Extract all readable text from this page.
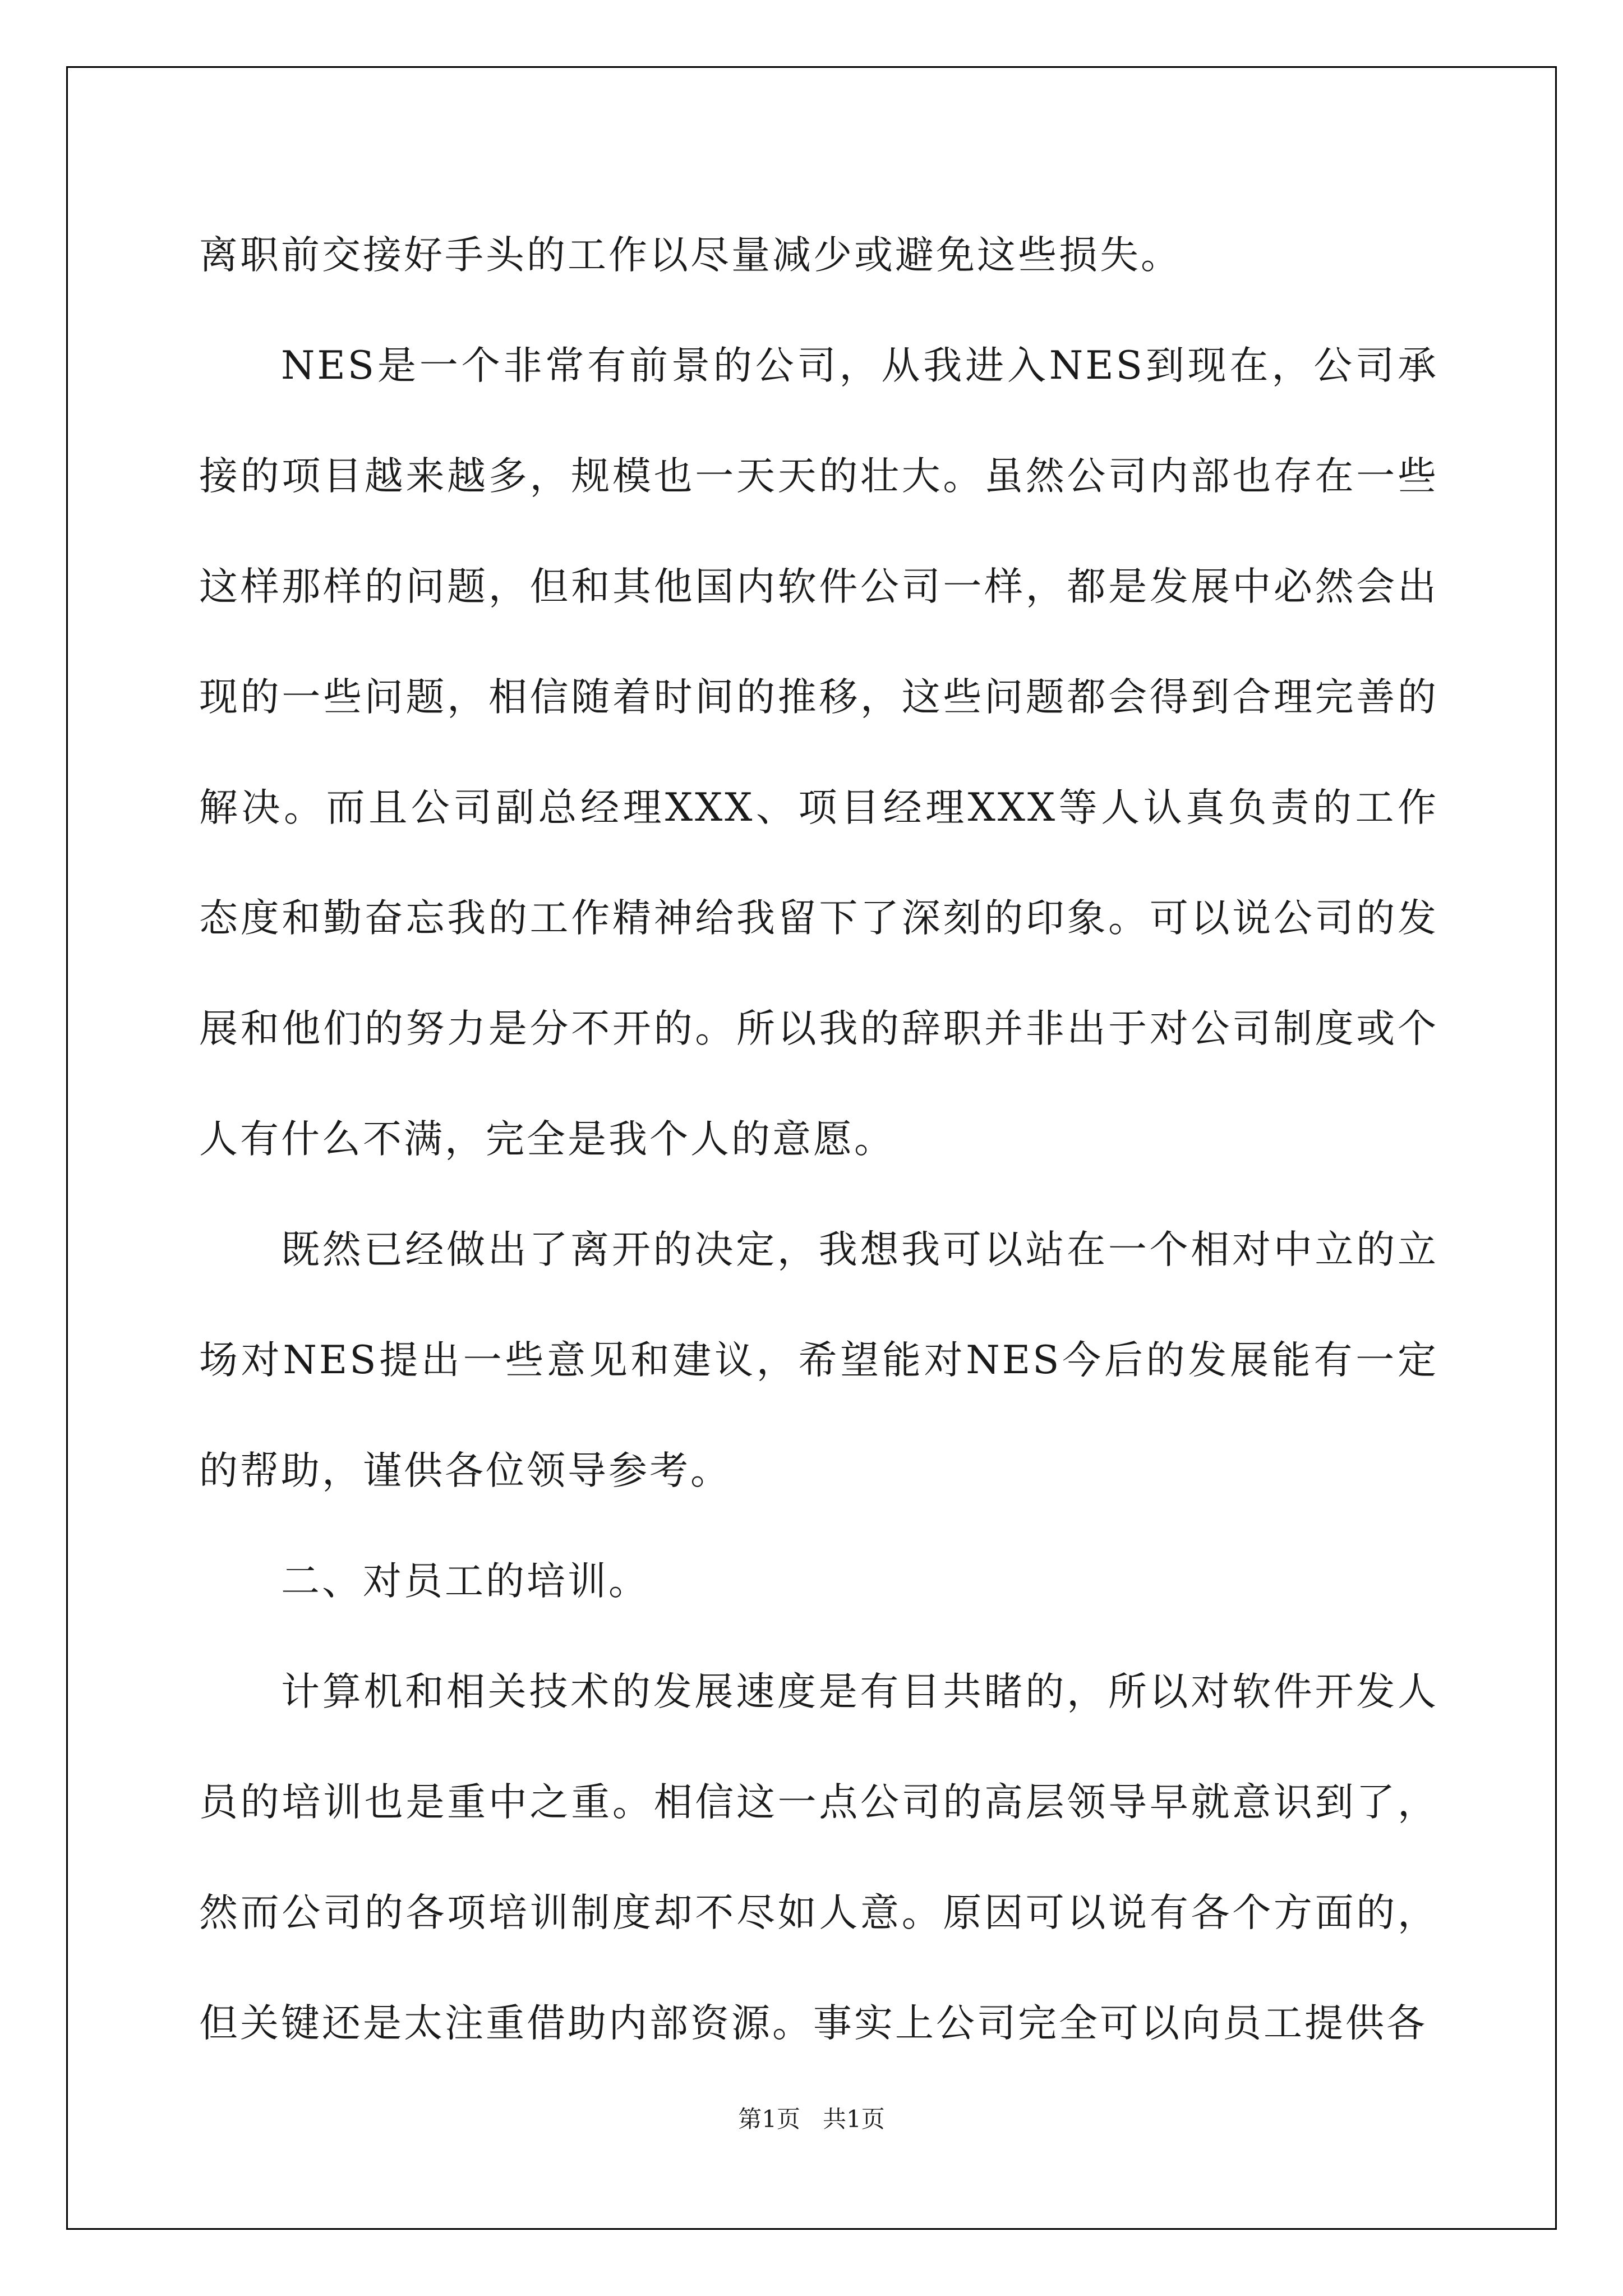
离职前交接好手头的工作以尽量减少或避免这些损失。

NES是一个非常有前景的公司，从我进入NES到现在，公司承接的项目越来越多，规模也一天天的壮大。虽然公司内部也存在一些这样那样的问题，但和其他国内软件公司一样，都是发展中必然会出现的一些问题，相信随着时间的推移，这些问题都会得到合理完善的解决。而且公司副总经理XXX、项目经理XXX等人认真负责的工作态度和勤奋忘我的工作精神给我留下了深刻的印象。可以说公司的发展和他们的努力是分不开的。所以我的辞职并非出于对公司制度或个人有什么不满，完全是我个人的意愿。

既然已经做出了离开的决定，我想我可以站在一个相对中立的立场对NES提出一些意见和建议，希望能对NES今后的发展能有一定的帮助，谨供各位领导参考。

二、对员工的培训。

计算机和相关技术的发展速度是有目共睹的，所以对软件开发人员的培训也是重中之重。相信这一点公司的高层领导早就意识到了，然而公司的各项培训制度却不尽如人意。原因可以说有各个方面的，但关键还是太注重借助内部资源。事实上公司完全可以向员工提供各

第1页   共1页
